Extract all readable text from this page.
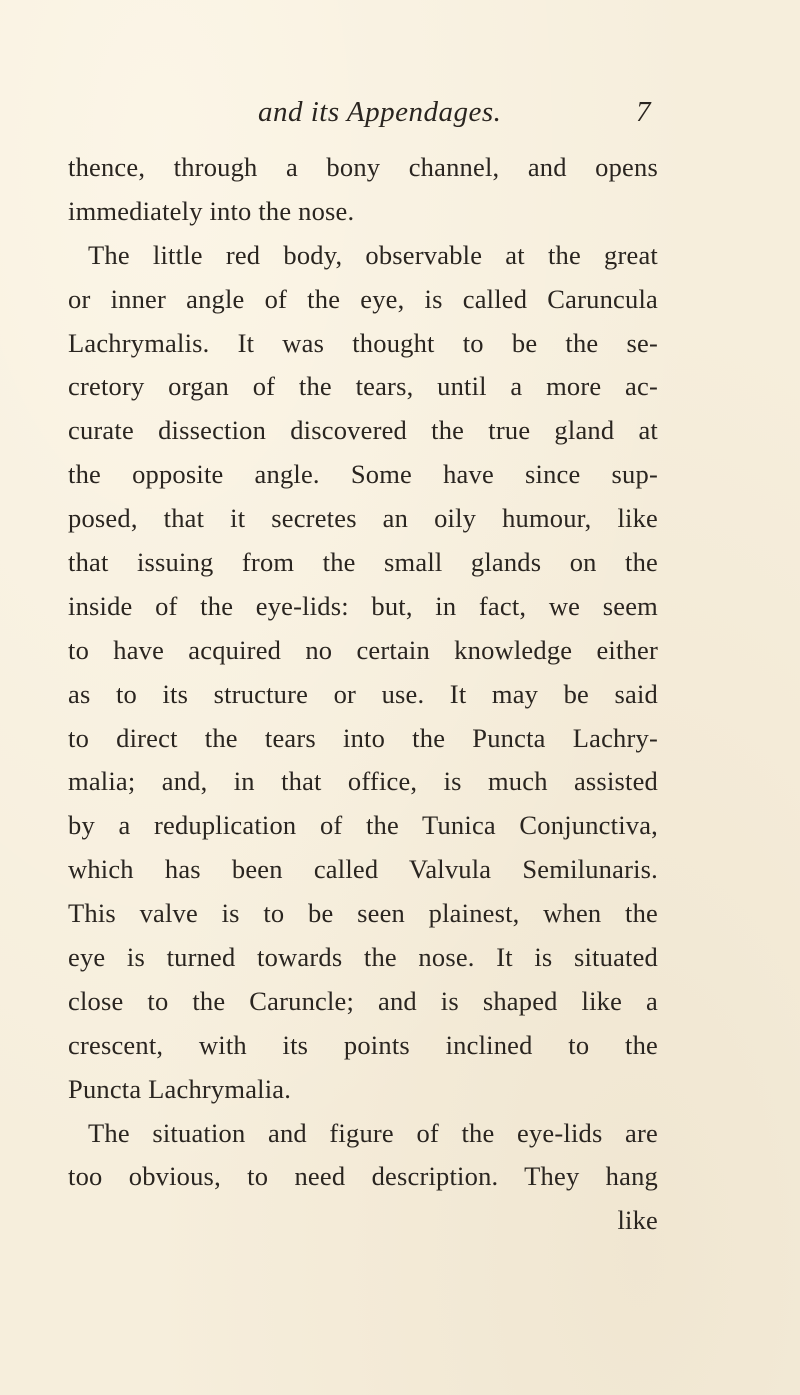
and its Appendages.	7
thence, through a bony channel, and opens
immediately into the nose.
The little red body, observable at the great
or inner angle of the eye, is called Caruncula
Lachrymalis. It was thought to be the se-
cretory organ of the tears, until a more ac-
curate dissection discovered the true gland at
the opposite angle. Some have since sup-
posed, that it secretes an oily humour, like
that issuing from the small glands on the
inside of the eye-lids: but, in fact, we seem
to have acquired no certain knowledge either
as to its structure or use. It may be said
to direct the tears into the Puncta Lachry-
malia; and, in that office, is much assisted
by a reduplication of the Tunica Conjunctiva,
which has been called Valvula Semilunaris.
This valve is to be seen plainest, when the
eye is turned towards the nose. It is situated
close to the Caruncle; and is shaped like a
crescent, with its points inclined to the
Puncta Lachrymalia.
The situation and figure of the eye-lids are
too obvious, to need description. They hang
like
